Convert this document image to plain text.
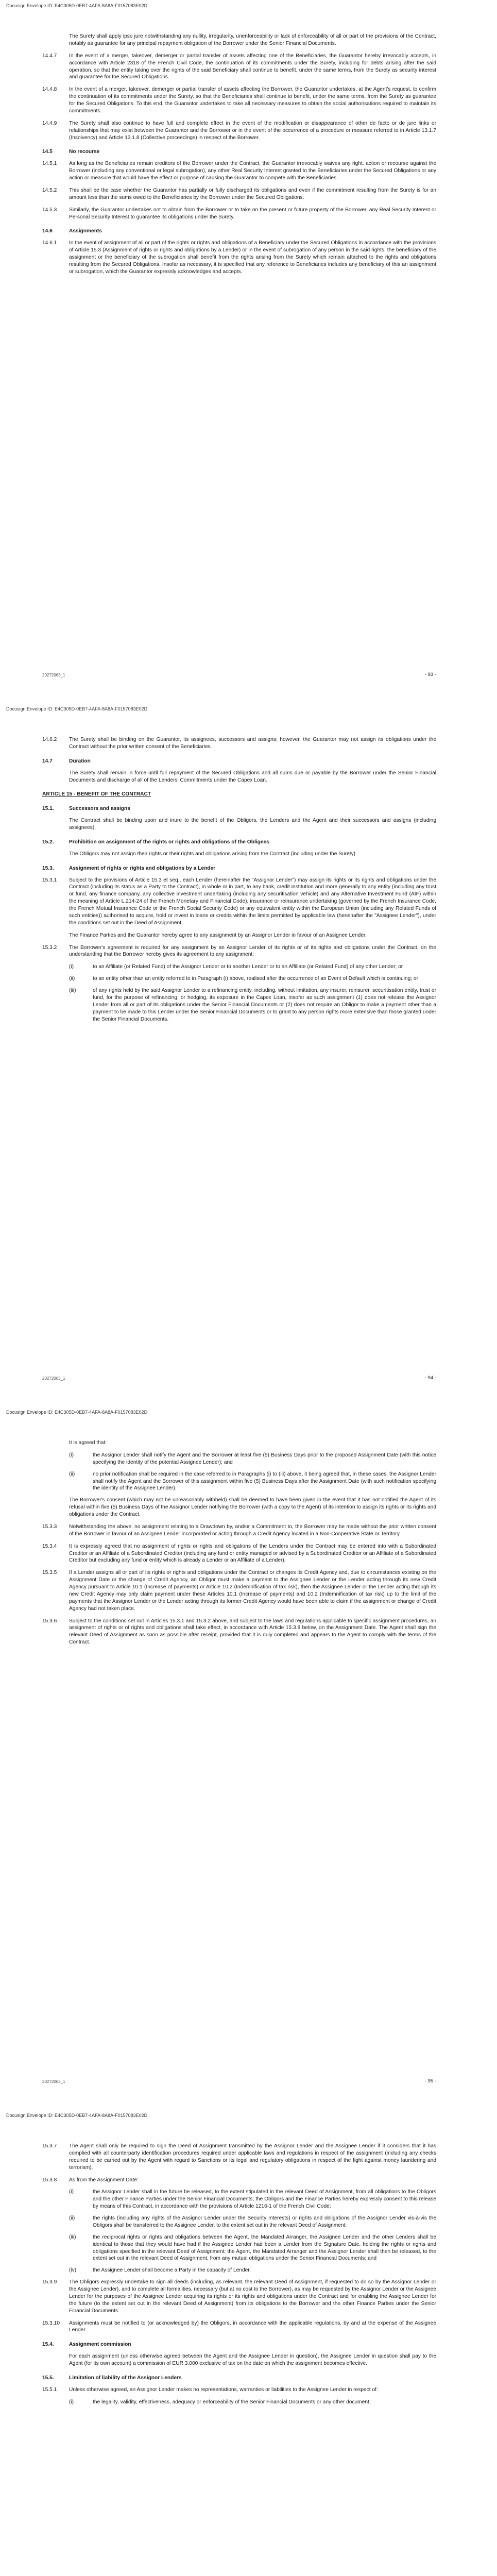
Docusign Envelope ID: E4C305D-0EB7-4AFA-8A8A-F0157083E02D
The Surety shall apply ipso jure notwithstanding any nullity, irregularity, unenforceability or lack of enforceability of all or part of the provisions of the Contract, notably as guarantee for any principal repayment obligation of the Borrower under the Senior Financial Documents.
14.4.7	In the event of a merger, takeover, demerger or partial transfer of assets affecting one of the Beneficiaries, the Guarantor hereby irrevocably accepts, in accordance with Article 2318 of the French Civil Code, the continuation of its commitments under the Surety, including for debts arising after the said operation, so that the entity taking over the rights of the said Beneficiary shall continue to benefit, under the same terms, from the Surety as security interest and guarantee for the Secured Obligations.
14.4.8	In the event of a merger, takeover, demerger or partial transfer of assets affecting the Borrower, the Guarantor undertakes, at the Agent's request, to confirm the continuation of its commitments under the Surety, so that the Beneficiaries shall continue to benefit, under the same terms, from the Surety as guarantee for the Secured Obligations. To this end, the Guarantor undertakes to take all necessary measures to obtain the social authorisations required to maintain its commitments.
14.4.9	The Surety shall also continue to have full and complete effect in the event of the modification or disappearance of other de facto or de jure links or relationships that may exist between the Guarantor and the Borrower or in the event of the occurrence of a procedure or measure referred to in Article 13.1.7 (Insolvency) and Article 13.1.8 (Collective proceedings) in respect of the Borrower.
14.5	No recourse
14.5.1	As long as the Beneficiaries remain creditors of the Borrower under the Contract, the Guarantor irrevocably waives any right, action or recourse against the Borrower (including any conventional or legal subrogation), any other Real Security Interest granted to the Beneficiaries under the Secured Obligations or any action or measure that would have the effect or purpose of causing the Guarantor to compete with the Beneficiaries.
14.5.2	This shall be the case whether the Guarantor has partially or fully discharged its obligations and even if the commitment resulting from the Surety is for an amount less than the sums owed to the Beneficiaries by the Borrower under the Secured Obligations.
14.5.3	Similarly, the Guarantor undertakes not to obtain from the Borrower or to take on the present or future property of the Borrower, any Real Security Interest or Personal Security Interest to guarantee its obligations under the Surety.
14.6	Assignments
14.6.1	In the event of assignment of all or part of the rights or rights and obligations of a Beneficiary under the Secured Obligations in accordance with the provisions of Article 15.3 (Assignment of rights or rights and obligations by a Lender) or in the event of subrogation of any person in the said rights, the beneficiary of the assignment or the beneficiary of the subrogation shall benefit from the rights arising from the Surety which remain attached to the rights and obligations resulting from the Secured Obligations. Insofar as necessary, it is specified that any reference to Beneficiaries includes any beneficiary of this an assignment or subrogation, which the Guarantor expressly acknowledges and accepts.
20272063_1	- 93 -
Docusign Envelope ID: E4C305D-0EB7-4AFA-8A8A-F0157083E02D
14.6.2	The Surety shall be binding on the Guarantor, its assignees, successors and assigns; however, the Guarantor may not assign its obligations under the Contract without the prior written consent of the Beneficiaries.
14.7	Duration
The Surety shall remain in force until full repayment of the Secured Obligations and all sums due or payable by the Borrower under the Senior Financial Documents and discharge of all of the Lenders' Commitments under the Capex Loan.
ARTICLE 15 - BENEFIT OF THE CONTRACT
15.1.	Successors and assigns
The Contract shall be binding upon and inure to the benefit of the Obligors, the Lenders and the Agent and their successors and assigns (including assignees).
15.2.	Prohibition on assignment of the rights or rights and obligations of the Obligees
The Obligors may not assign their rights or their rights and obligations arising from the Contract (including under the Surety).
15.3.	Assignment of rights or rights and obligations by a Lender
15.3.1	Subject to the provisions of Article 15.3 et seq., each Lender (hereinafter the "Assignor Lender") may assign its rights or its rights and obligations under the Contract (including its status as a Party to the Contract), in whole or in part, to any bank, credit institution and more generally to any entity (including any trust or fund, any finance company, any collective investment undertaking (including any securitisation vehicle) and any Alternative Investment Fund (AIF) within the meaning of Article L.214-24 of the French Monetary and Financial Code), insurance or reinsurance undertaking (governed by the French Insurance Code, the French Mutual Insurance Code or the French Social Security Code) or any equivalent entity within the European Union (including any Related Funds of such entities)) authorised to acquire, hold or invest in loans or credits within the limits permitted by applicable law (hereinafter the "Assignee Lender"), under the conditions set out in the Deed of Assignment.
The Finance Parties and the Guarantor hereby agree to any assignment by an Assignor Lender in favour of an Assignee Lender.
15.3.2	The Borrower's agreement is required for any assignment by an Assignor Lender of its rights or of its rights and obligations under the Contract, on the understanding that the Borrower hereby gives its agreement to any assignment:
(i)	to an Affiliate (or Related Fund) of the Assignor Lender or to another Lender or to an Affiliate (or Related Fund) of any other Lender; or
(ii)	to an entity other than an entity referred to in Paragraph (i) above, realised after the occurrence of an Event of Default which is continuing; or
(iii)	of any rights held by the said Assignor Lender to a refinancing entity, including, without limitation, any insurer, reinsurer, securitisation entity, trust or fund, for the purpose of refinancing, or hedging, its exposure in the Capex Loan, insofar as such assignment (1) does not release the Assignor Lender from all or part of its obligations under the Senior Financial Documents or (2) does not require an Obligor to make a payment other than a payment to be made to this Lender under the Senior Financial Documents or to grant to any person rights more extensive than those granted under the Senior Financial Documents.
20272063_1	- 94 -
Docusign Envelope ID: E4C305D-0EB7-4AFA-8A8A-F0157083E02D
It is agreed that:
(i)	the Assignor Lender shall notify the Agent and the Borrower at least five (5) Business Days prior to the proposed Assignment Date (with this notice specifying the identity of the potential Assignee Lender); and
(ii)	no prior notification shall be required in the case referred to in Paragraphs (i) to (iii) above, it being agreed that, in these cases, the Assignor Lender shall notify the Agent and the Borrower of this assignment within five (5) Business Days after the Assignment Date (with such notification specifying the identity of the Assignee Lender).
The Borrower's consent (which may not be unreasonably withheld) shall be deemed to have been given in the event that it has not notified the Agent of its refusal within five (5) Business Days of the Assignor Lender notifying the Borrower (with a copy to the Agent) of its intention to assign its rights or its rights and obligations under the Contract.
15.3.3	Notwithstanding the above, no assignment relating to a Drawdown by, and/or a Commitment to, the Borrower may be made without the prior written consent of the Borrower in favour of an Assignee Lender incorporated or acting through a Credit Agency located in a Non-Cooperative State or Territory.
15.3.4	It is expressly agreed that no assignment of rights or rights and obligations of the Lenders under the Contract may be entered into with a Subordinated Creditor or an Affiliate of a Subordinated Creditor (including any fund or entity managed or advised by a Subordinated Creditor or an Affiliate of a Subordinated Creditor but excluding any fund or entity which is already a Lender or an Affiliate of a Lender).
15.3.5	If a Lender assigns all or part of its rights or rights and obligations under the Contract or changes its Credit Agency and, due to circumstances existing on the Assignment Date or the change of Credit Agency, an Obligor must make a payment to the Assignee Lender or the Lender acting through its new Credit Agency pursuant to Article 10.1 (Increase of payments) or Article 10.2 (Indemnification of tax risk), then the Assignee Lender or the Lender acting through its new Credit Agency may only claim payment under these Articles 10.1 (Increase of payments) and 10.2 (Indemnification of tax risk) up to the limit of the payments that the Assignor Lender or the Lender acting through its former Credit Agency would have been able to claim if the assignment or change of Credit Agency had not taken place.
15.3.6	Subject to the conditions set out in Articles 15.3.1 and 15.3.2 above, and subject to the laws and regulations applicable to specific assignment procedures, an assignment of rights or of rights and obligations shall take effect, in accordance with Article 15.3.8 below, on the Assignment Date. The Agent shall sign the relevant Deed of Assignment as soon as possible after receipt, provided that it is duly completed and appears to the Agent to comply with the terms of the Contract.
20272063_1	- 95 -
Docusign Envelope ID: E4C305D-0EB7-4AFA-8A8A-F0157083E02D
15.3.7	The Agent shall only be required to sign the Deed of Assignment transmitted by the Assignor Lender and the Assignee Lender if it considers that it has complied with all counterparty identification procedures required under applicable laws and regulations in respect of the assignment (including any checks required to be carried out by the Agent with regard to Sanctions or its legal and regulatory obligations in respect of the fight against money laundering and terrorism).
15.3.8	As from the Assignment Date:
(i)	the Assignor Lender shall in the future be released, to the extent stipulated in the relevant Deed of Assignment, from all obligations to the Obligors and the other Finance Parties under the Senior Financial Documents; the Obligors and the Finance Parties hereby expressly consent to this release by means of this Contract, in accordance with the provisions of Article 1216-1 of the French Civil Code;
(ii)	the rights (including any rights of the Assignor Lender under the Security Interests) or rights and obligations of the Assignor Lender vis-à-vis the Obligors shall be transferred to the Assignee Lender, to the extent set out in the relevant Deed of Assignment;
(iii)	the reciprocal rights or rights and obligations between the Agent, the Mandated Arranger, the Assignee Lender and the other Lenders shall be identical to those that they would have had if the Assignee Lender had been a Lender from the Signature Date, holding the rights or rights and obligations specified in the relevant Deed of Assignment; the Agent, the Mandated Arranger and the Assignor Lender shall then be released, to the extent set out in the relevant Deed of Assignment, from any mutual obligations under the Senior Financial Documents; and
(iv)	the Assignee Lender shall become a Party in the capacity of Lender.
15.3.9	The Obligors expressly undertake to sign all deeds (including, as relevant, the relevant Deed of Assignment, if requested to do so by the Assignor Lender or the Assignee Lender), and to complete all formalities, necessary (but at no cost to the Borrower), as may be requested by the Assignor Lender or the Assignee Lender for the purposes of the Assignee Lender acquiring its rights or its rights and obligations under the Contract and for enabling the Assignee Lender for the future (to the extent set out in the relevant Deed of Assignment) from its obligations to the Borrower and the other Finance Parties under the Senior Financial Documents.
15.3.10	Assignments must be notified to (or acknowledged by) the Obligors, in accordance with the applicable regulations, by and at the expense of the Assignee Lender.
15.4.	Assignment commission
For each assignment (unless otherwise agreed between the Agent and the Assignee Lender in question), the Assignee Lender in question shall pay to the Agent (for its own account) a commission of EUR 3,000 exclusive of tax on the date on which the assignment becomes effective.
15.5.	Limitation of liability of the Assignor Lenders
15.5.1	Unless otherwise agreed, an Assignor Lender makes no representations, warranties or liabilities to the Assignee Lender in respect of:
(i)	the legality, validity, effectiveness, adequacy or enforceability of the Senior Financial Documents or any other document;
